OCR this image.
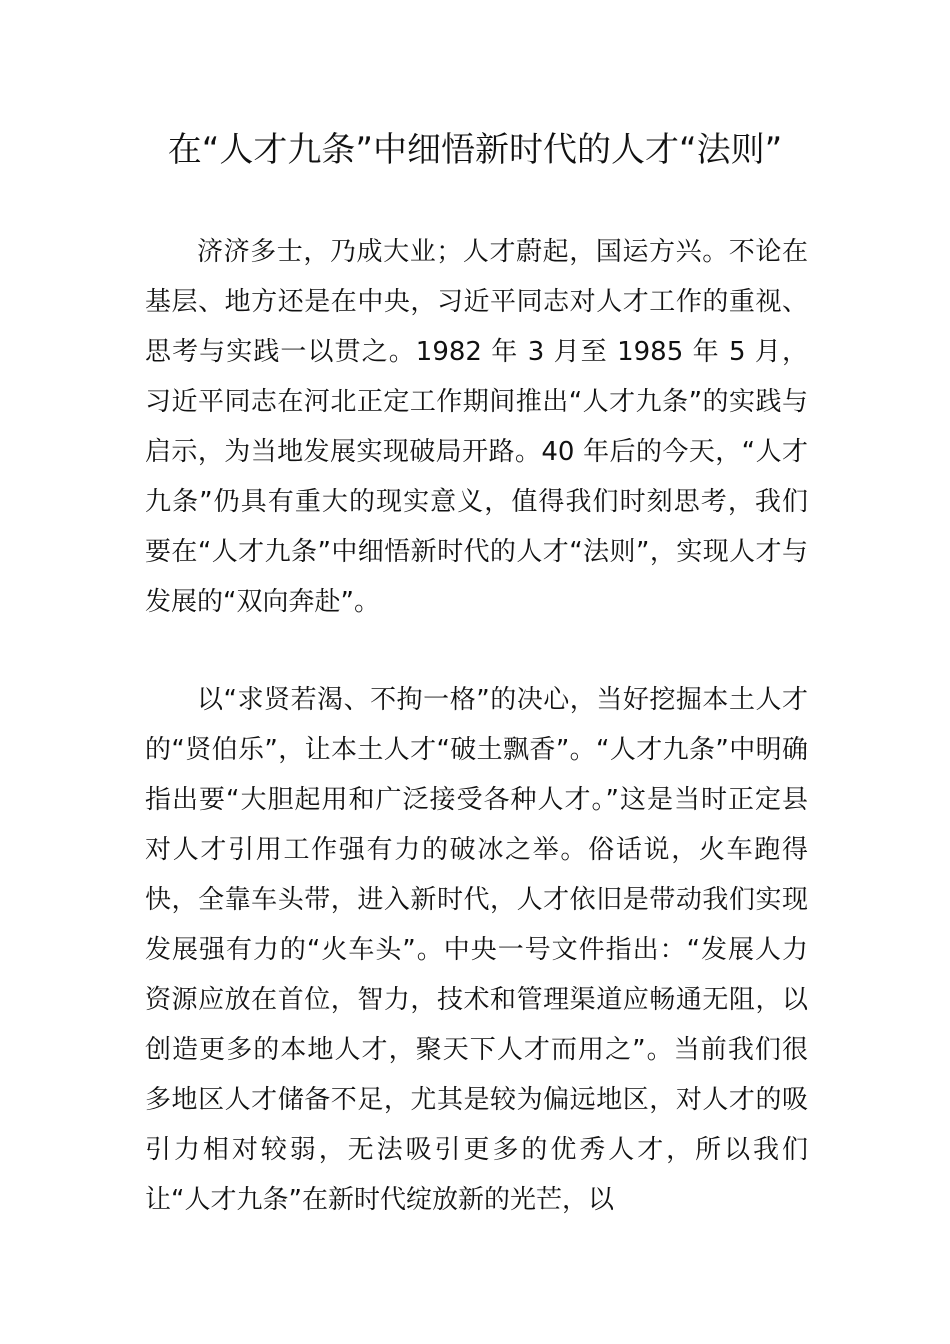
在“人才九条”中细悟新时代的人才“法则”

济济多士，乃成大业；人才蔚起，国运方兴。不论在基层、地方还是在中央，习近平同志对人才工作的重视、思考与实践一以贯之。1982 年 3 月至 1985 年 5 月，习近平同志在河北正定工作期间推出“人才九条”的实践与启示，为当地发展实现破局开路。40 年后的今天，“人才九条”仍具有重大的现实意义，值得我们时刻思考，我们要在“人才九条”中细悟新时代的人才“法则”，实现人才与发展的“双向奔赴”。

以“求贤若渴、不拘一格”的决心，当好挖掘本土人才的“贤伯乐”，让本土人才“破土飘香”。“人才九条”中明确指出要“大胆起用和广泛接受各种人才。”这是当时正定县对人才引用工作强有力的破冰之举。俗话说，火车跑得快，全靠车头带，进入新时代，人才依旧是带动我们实现发展强有力的“火车头”。中央一号文件指出：“发展人力资源应放在首位，智力，技术和管理渠道应畅通无阻，以创造更多的本地人才，聚天下人才而用之”。当前我们很多地区人才储备不足，尤其是较为偏远地区，对人才的吸引力相对较弱，无法吸引更多的优秀人才，所以我们让“人才九条”在新时代绽放新的光芒，以
